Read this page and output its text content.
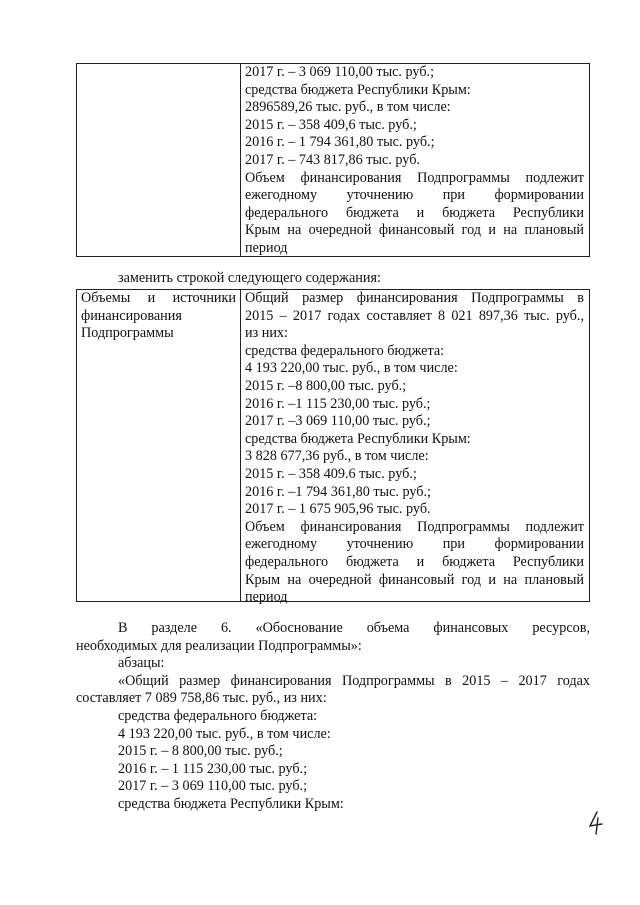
2017 г. – 3 069 110,00 тыс. руб.;
средства бюджета Республики Крым:
2896589,26 тыс. руб., в том числе:
2015 г. – 358 409,6 тыс. руб.;
2016 г. – 1 794 361,80 тыс. руб.;
2017 г. – 743 817,86 тыс. руб.
Объем финансирования Подпрограммы подлежит
ежегодному уточнению при формировании
федерального бюджета и бюджета Республики
Крым на очередной финансовый год и на плановый
период
заменить строкой следующего содержания:
Объемы и источники
финансирования
Подпрограммы
Общий размер финансирования Подпрограммы в
2015 – 2017 годах составляет 8 021 897,36 тыс. руб.,
из них:
средства федерального бюджета:
4 193 220,00 тыс. руб., в том числе:
2015 г. –8 800,00 тыс. руб.;
2016 г. –1 115 230,00 тыс. руб.;
2017 г. –3 069 110,00 тыс. руб.;
средства бюджета Республики Крым:
3 828 677,36 руб., в том числе:
2015 г. – 358 409.6 тыс. руб.;
2016 г. –1 794 361,80 тыс. руб.;
2017 г. – 1 675 905,96 тыс. руб.
Объем финансирования Подпрограммы подлежит
ежегодному уточнению при формировании
федерального бюджета и бюджета Республики
Крым на очередной финансовый год и на плановый
период
В разделе 6. «Обоснование объема финансовых ресурсов,
необходимых для реализации Подпрограммы»:
абзацы:
«Общий размер финансирования Подпрограммы в 2015 – 2017 годах
составляет 7 089 758,86 тыс. руб., из них:
средства федерального бюджета:
4 193 220,00 тыс. руб., в том числе:
2015 г. – 8 800,00 тыс. руб.;
2016 г. – 1 115 230,00 тыс. руб.;
2017 г. – 3 069 110,00 тыс. руб.;
средства бюджета Республики Крым:
